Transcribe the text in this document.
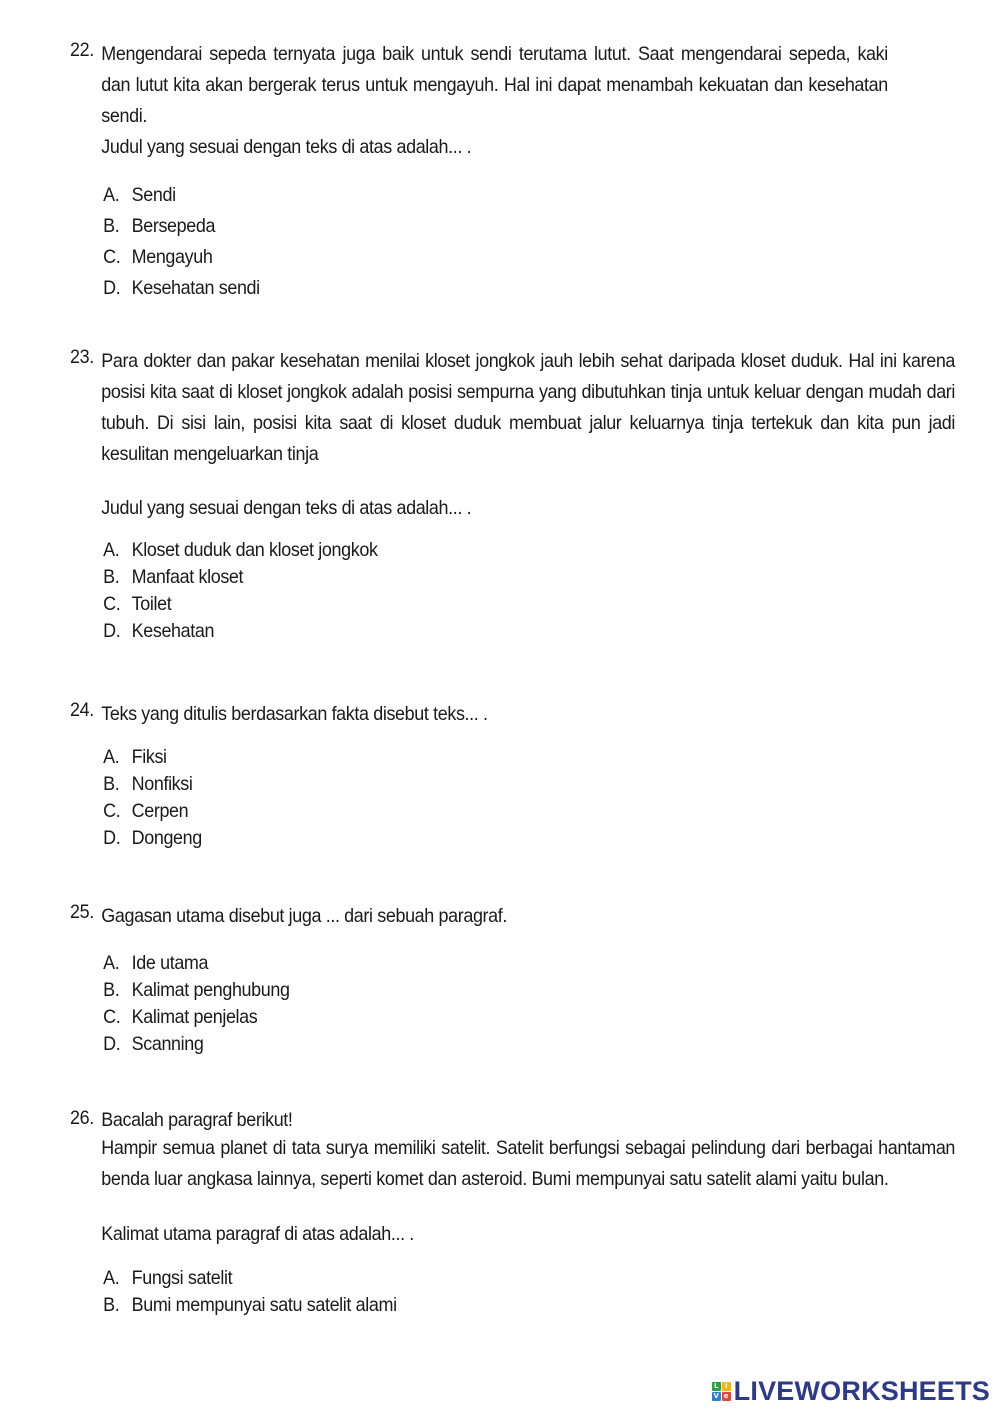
22. Mengendarai sepeda ternyata juga baik untuk sendi terutama lutut. Saat mengendarai sepeda, kaki dan lutut kita akan bergerak terus untuk mengayuh. Hal ini dapat menambah kekuatan dan kesehatan sendi.

Judul yang sesuai dengan teks di atas adalah... .

A. Sendi
B. Bersepeda
C. Mengayuh
D. Kesehatan sendi
23. Para dokter dan pakar kesehatan menilai kloset jongkok jauh lebih sehat daripada kloset duduk. Hal ini karena posisi kita saat di kloset jongkok adalah posisi sempurna yang dibutuhkan tinja untuk keluar dengan mudah dari tubuh. Di sisi lain, posisi kita saat di kloset duduk membuat jalur keluarnya tinja tertekuk dan kita pun jadi kesulitan mengeluarkan tinja

Judul yang sesuai dengan teks di atas adalah... .

A. Kloset duduk dan kloset jongkok
B. Manfaat kloset
C. Toilet
D. Kesehatan
24. Teks yang ditulis berdasarkan fakta disebut teks... .

A. Fiksi
B. Nonfiksi
C. Cerpen
D. Dongeng
25. Gagasan utama disebut juga ... dari sebuah paragraf.

A. Ide utama
B. Kalimat penghubung
C. Kalimat penjelas
D. Scanning
26. Bacalah paragraf berikut!

Hampir semua planet di tata surya memiliki satelit. Satelit berfungsi sebagai pelindung dari berbagai hantaman benda luar angkasa lainnya, seperti komet dan asteroid. Bumi mempunyai satu satelit alami yaitu bulan.

Kalimat utama paragraf di atas adalah... .

A. Fungsi satelit
B. Bumi mempunyai satu satelit alami
L i
V e LIVEWORKSHEETS
